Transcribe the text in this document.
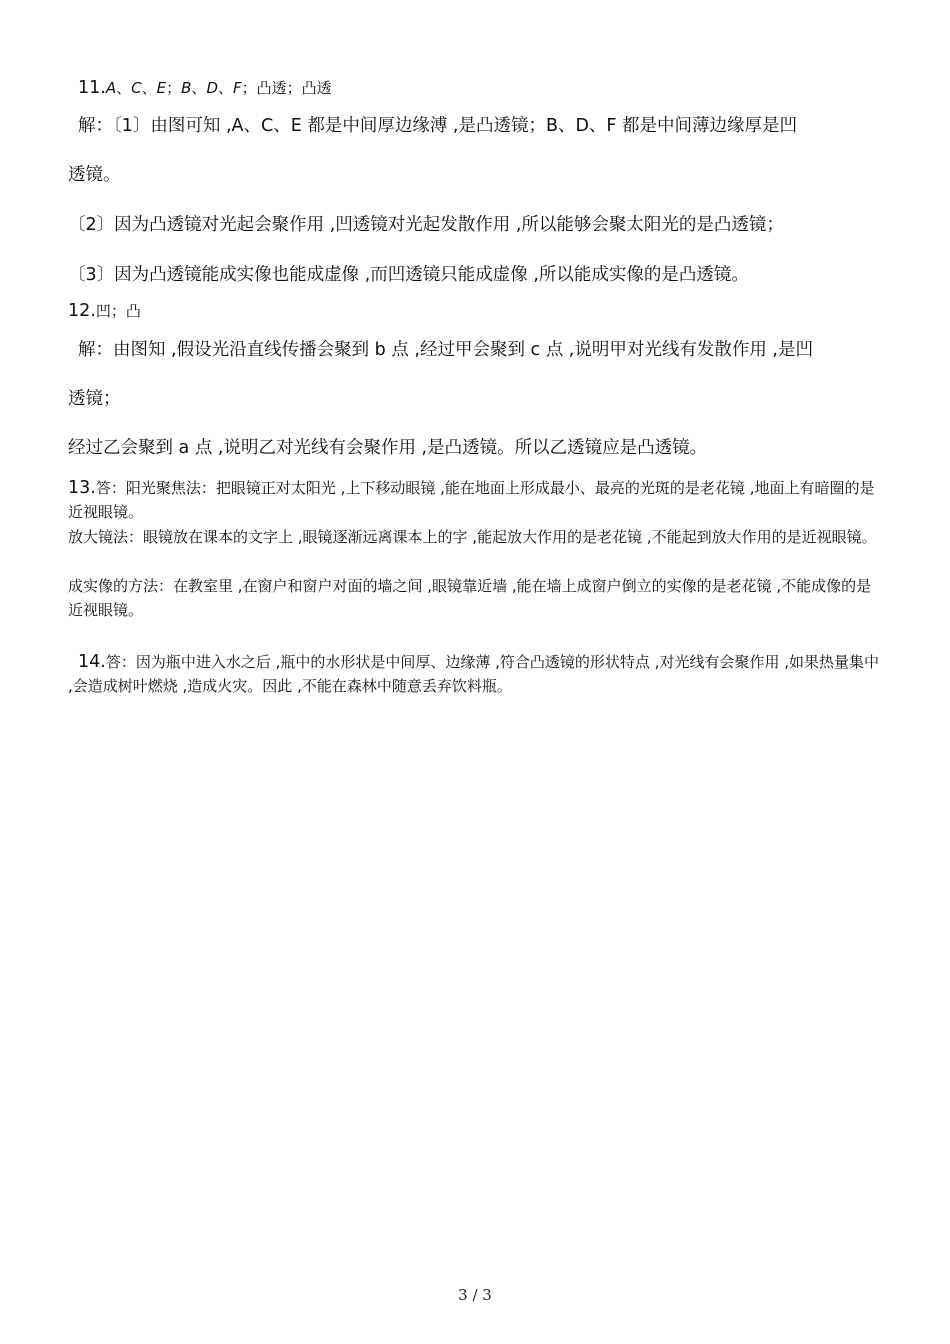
11.A、C、E；B、D、F；凸透；凸透
解：〔1〕由图可知 ,A、C、E 都是中间厚边缘溥 ,是凸透镜；B、D、F 都是中间薄边缘厚是凹
透镜。
〔2〕因为凸透镜对光起会聚作用 ,凹透镜对光起发散作用 ,所以能够会聚太阳光的是凸透镜；
〔3〕因为凸透镜能成实像也能成虚像 ,而凹透镜只能成虚像 ,所以能成实像的是凸透镜。
12.凹；凸
解：由图知 ,假设光沿直线传播会聚到 b 点 ,经过甲会聚到 c 点 ,说明甲对光线有发散作用 ,是凹
透镜；
经过乙会聚到 a 点 ,说明乙对光线有会聚作用 ,是凸透镜。所以乙透镜应是凸透镜。
13.答：阳光聚焦法：把眼镜正对太阳光 ,上下移动眼镜 ,能在地面上形成最小、最亮的光斑的是老花镜 ,地面上有暗圈的是近视眼镜。
放大镜法：眼镜放在课本的文字上 ,眼镜逐渐远离课本上的字 ,能起放大作用的是老花镜 ,不能起到放大作用的是近视眼镜。
成实像的方法：在教室里 ,在窗户和窗户对面的墙之间 ,眼镜靠近墙 ,能在墙上成窗户倒立的实像的是老花镜 ,不能成像的是近视眼镜。
14.答：因为瓶中进入水之后 ,瓶中的水形状是中间厚、边缘薄 ,符合凸透镜的形状特点 ,对光线有会聚作用 ,如果热量集中 ,会造成树叶燃烧 ,造成火灾。因此 ,不能在森林中随意丢弃饮料瓶。
3 / 3
